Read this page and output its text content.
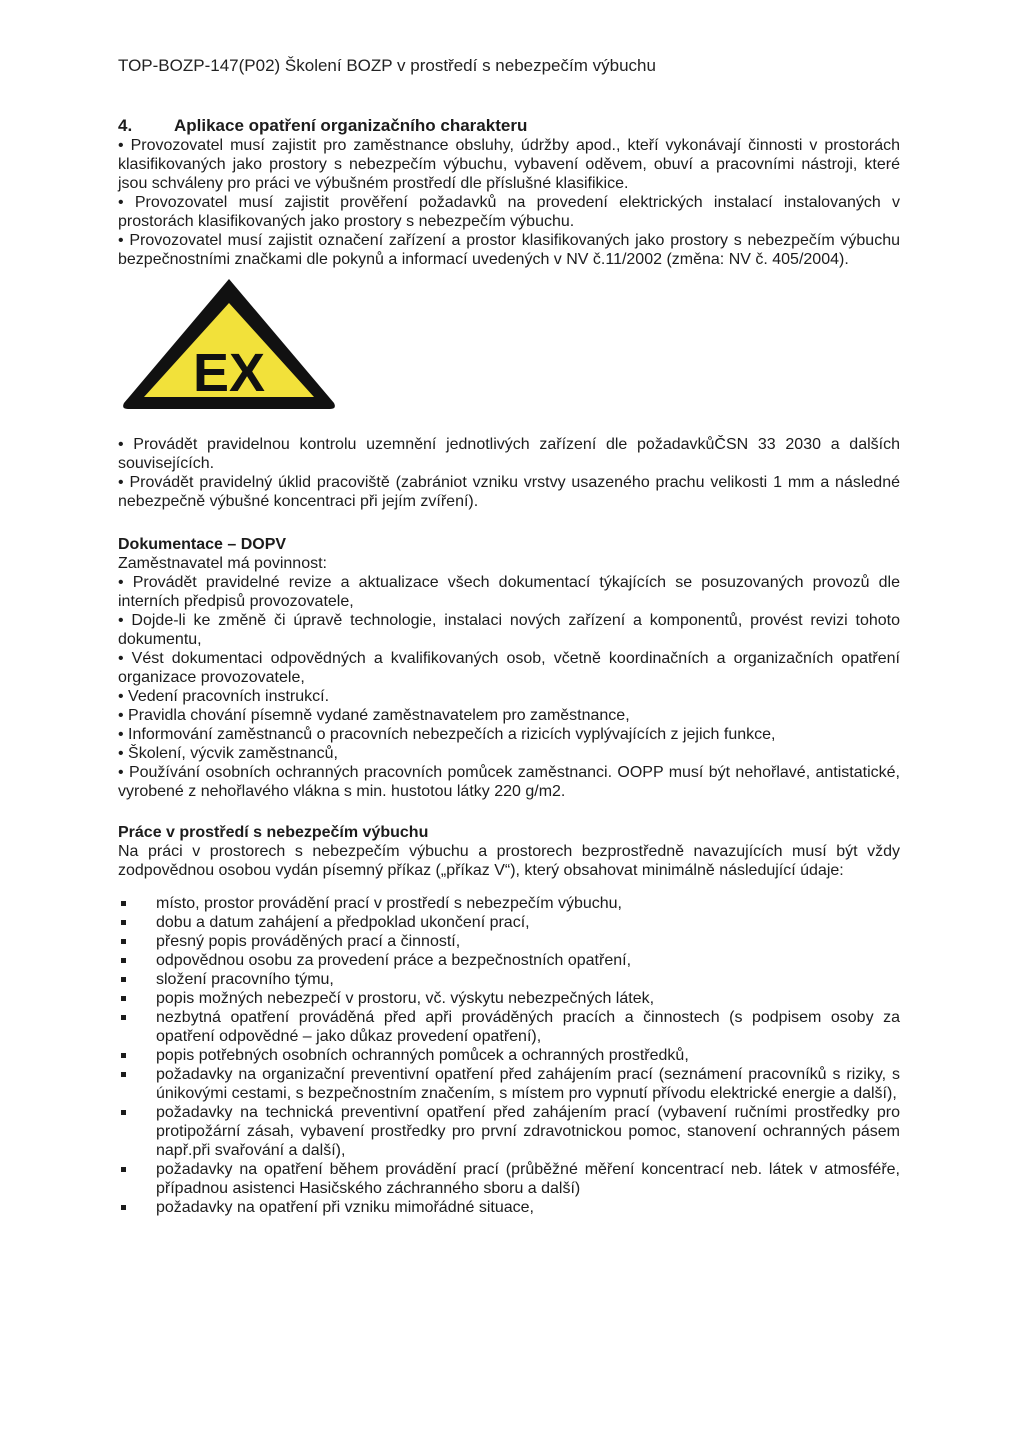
TOP-BOZP-147(P02) Školení BOZP v prostředí s nebezpečím výbuchu
4.	Aplikace opatření organizačního charakteru

• Provozovatel musí zajistit pro zaměstnance obsluhy, údržby apod., kteří vykonávají činnosti v prostorách klasifikovaných jako prostory s nebezpečím výbuchu, vybavení oděvem, obuví a pracovními nástroji, které jsou schváleny pro práci ve výbušném prostředí dle příslušné klasifikice.

• Provozovatel musí zajistit prověření požadavků na provedení elektrických instalací instalovaných v prostorách klasifikovaných jako prostory s nebezpečím výbuchu.

• Provozovatel musí zajistit označení zařízení a prostor klasifikovaných jako prostory s nebezpečím výbuchu bezpečnostními značkami dle pokynů a informací uvedených v NV č.11/2002 (změna: NV č. 405/2004).

EX

• Provádět pravidelnou kontrolu uzemnění jednotlivých zařízení dle požadavkůČSN 33 2030 a dalších souvisejících.

• Provádět pravidelný úklid pracoviště (zabrániot vzniku vrstvy usazeného prachu velikosti 1 mm a následné nebezpečně výbušné koncentraci při jejím zvíření).

Dokumentace – DOPV

Zaměstnavatel má povinnost:

• Provádět pravidelné revize a aktualizace všech dokumentací týkajících se posuzovaných provozů dle interních předpisů provozovatele,

• Dojde-li ke změně či úpravě technologie, instalaci nových zařízení a komponentů, provést revizi tohoto dokumentu,

• Vést dokumentaci odpovědných a kvalifikovaných osob, včetně koordinačních a organizačních opatření organizace provozovatele,

• Vedení pracovních instrukcí.

• Pravidla chování písemně vydané zaměstnavatelem pro zaměstnance,

• Informování zaměstnanců o pracovních nebezpečích a rizicích vyplývajících z jejich funkce,

• Školení, výcvik zaměstnanců,

• Používání osobních ochranných pracovních pomůcek zaměstnanci. OOPP musí být nehořlavé, antistatické, vyrobené z nehořlavého vlákna s min. hustotou látky 220 g/m2.

Práce v prostředí s nebezpečím výbuchu

Na práci v prostorech s nebezpečím výbuchu a prostorech bezprostředně navazujících musí být vždy zodpovědnou osobou vydán písemný příkaz („příkaz V“), který obsahovat minimálně následující údaje:

místo, prostor provádění prací v prostředí s nebezpečím výbuchu,
dobu a datum zahájení a předpoklad ukončení prací,
přesný popis prováděných prací a činností,
odpovědnou osobu za provedení práce a bezpečnostních opatření,
složení pracovního týmu,
popis možných nebezpečí v prostoru, vč. výskytu nebezpečných látek,
nezbytná opatření prováděná před apři prováděných pracích a činnostech (s podpisem osoby za opatření odpovědné – jako důkaz provedení opatření),
popis potřebných osobních ochranných pomůcek a ochranných prostředků,
požadavky na organizační preventivní opatření před zahájením prací (seznámení pracovníků s riziky, s únikovými cestami, s bezpečnostním značením, s místem pro vypnutí přívodu elektrické energie a další),
požadavky na technická preventivní opatření před zahájením prací (vybavení ručními prostředky pro protipožární zásah, vybavení prostředky pro první zdravotnickou pomoc, stanovení ochranných pásem např.při svařování a další),
požadavky na opatření během provádění prací (průběžné měření koncentrací neb. látek v atmosféře, případnou asistenci Hasičského záchranného sboru a další)
požadavky na opatření při vzniku mimořádné situace,
